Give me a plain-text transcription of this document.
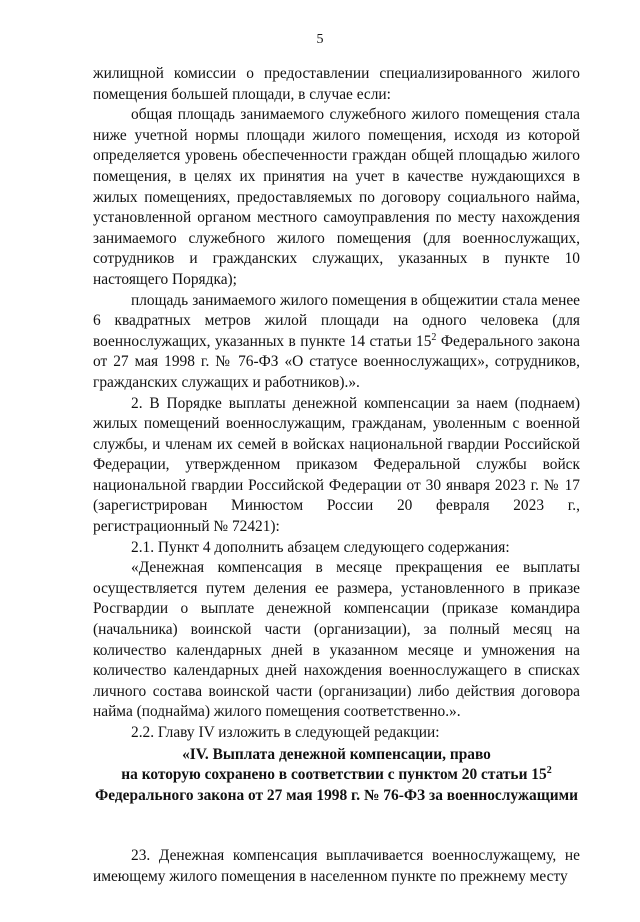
5

жилищной комиссии о предоставлении специализированного жилого помещения большей площади, в случае если:

общая площадь занимаемого служебного жилого помещения стала ниже учетной нормы площади жилого помещения, исходя из которой определяется уровень обеспеченности граждан общей площадью жилого помещения, в целях их принятия на учет в качестве нуждающихся в жилых помещениях, предоставляемых по договору социального найма, установленной органом местного самоуправления по месту нахождения занимаемого служебного жилого помещения (для военнослужащих, сотрудников и гражданских служащих, указанных в пункте 10 настоящего Порядка);

площадь занимаемого жилого помещения в общежитии стала менее 6 квадратных метров жилой площади на одного человека (для военнослужащих, указанных в пункте 14 статьи $15^2$ Федерального закона от 27 мая 1998 г. № 76-ФЗ «О статусе военнослужащих», сотрудников, гражданских служащих и работников).».

2. В Порядке выплаты денежной компенсации за наем (поднаем) жилых помещений военнослужащим, гражданам, уволенным с военной службы, и членам их семей в войсках национальной гвардии Российской Федерации, утвержденном приказом Федеральной службы войск национальной гвардии Российской Федерации от 30 января 2023 г. № 17 (зарегистрирован Минюстом России 20 февраля 2023 г., регистрационный № 72421):

2.1. Пункт 4 дополнить абзацем следующего содержания:

«Денежная компенсация в месяце прекращения ее выплаты осуществляется путем деления ее размера, установленного в приказе Росгвардии о выплате денежной компенсации (приказе командира (начальника) воинской части (организации), за полный месяц на количество календарных дней в указанном месяце и умножения на количество календарных дней нахождения военнослужащего в списках личного состава воинской части (организации) либо действия договора найма (поднайма) жилого помещения соответственно.».

2.2. Главу IV изложить в следующей редакции:

«IV. Выплата денежной компенсации, право

на которую сохранено в соответствии с пунктом 20 статьи $15^2$

Федерального закона от 27 мая 1998 г. № 76-ФЗ за военнослужащими

23. Денежная компенсация выплачивается военнослужащему, не имеющему жилого помещения в населенном пункте по прежнему месту
